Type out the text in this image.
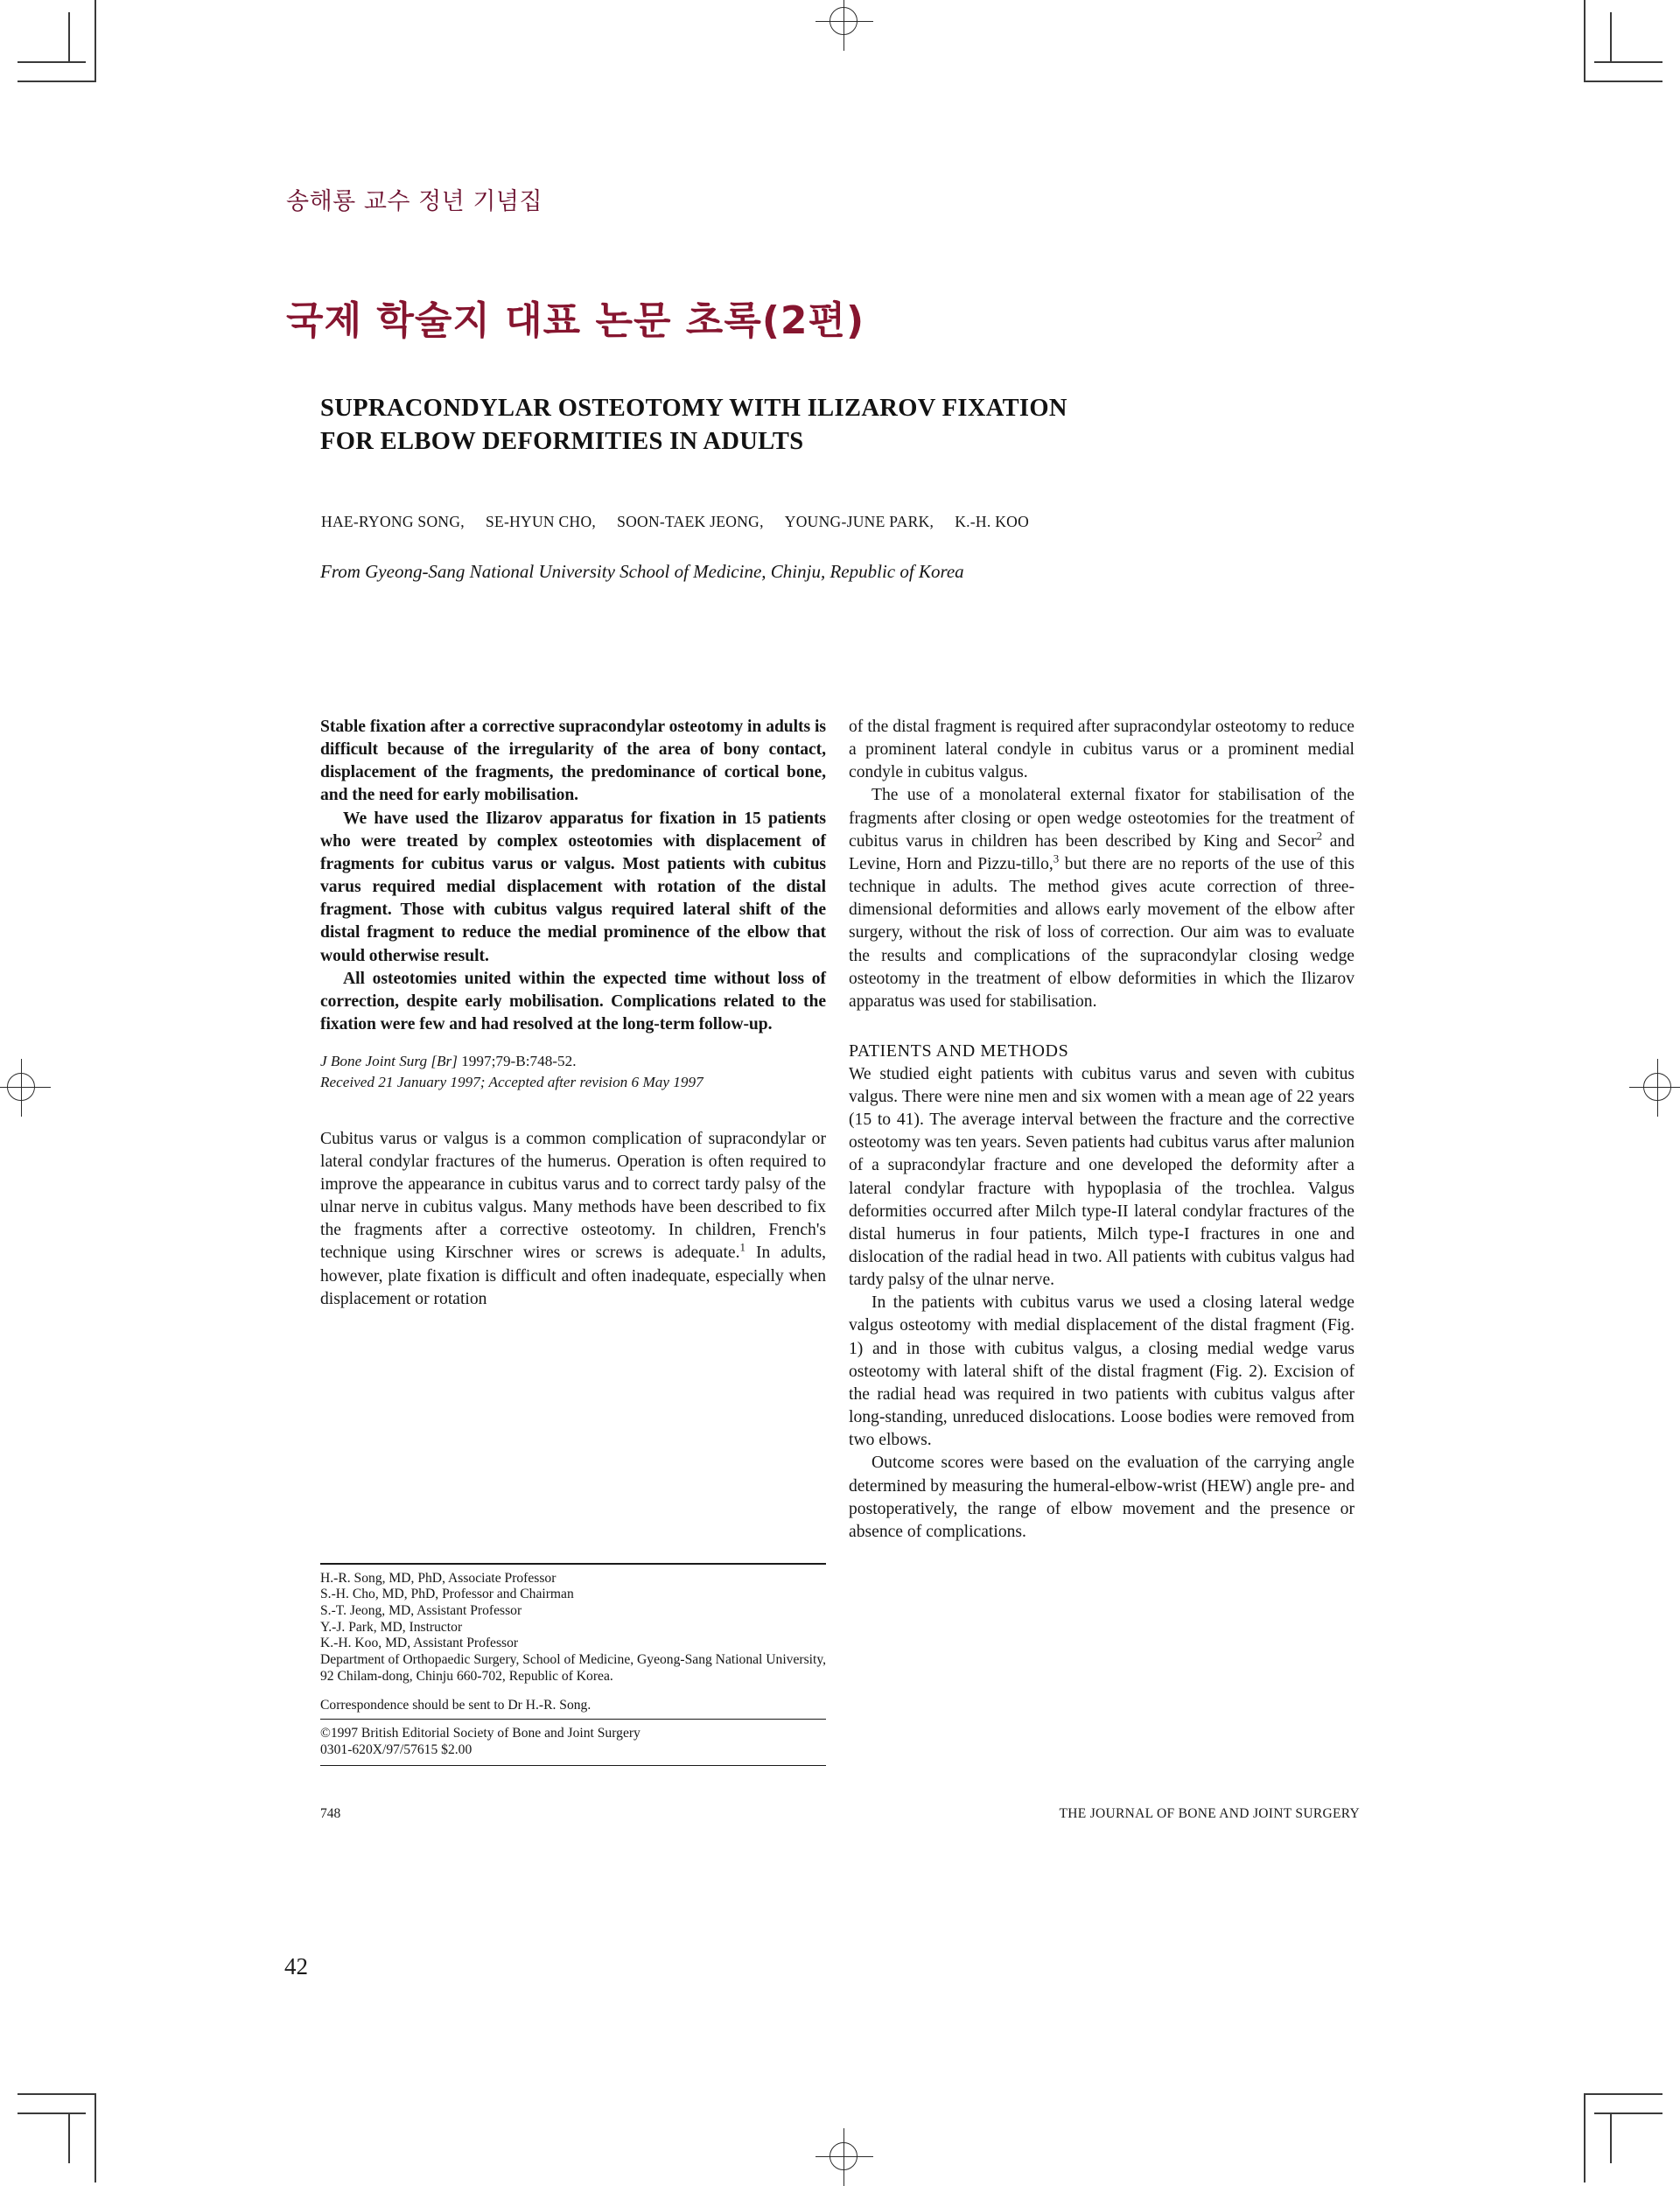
송해룡 교수 정년 기념집
국제 학술지 대표 논문 초록(2편)
SUPRACONDYLAR OSTEOTOMY WITH ILIZAROV FIXATION
FOR ELBOW DEFORMITIES IN ADULTS
HAE-RYONG SONG, SE-HYUN CHO, SOON-TAEK JEONG, YOUNG-JUNE PARK, K.-H. KOO
From Gyeong-Sang National University School of Medicine, Chinju, Republic of Korea

Stable fixation after a corrective supracondylar osteotomy in adults is difficult because of the irregularity of the area of bony contact, displacement of the fragments, the predominance of cortical bone, and the need for early mobilisation.

We have used the Ilizarov apparatus for fixation in 15 patients who were treated by complex osteotomies with displacement of fragments for cubitus varus or valgus. Most patients with cubitus varus required medial displacement with rotation of the distal fragment. Those with cubitus valgus required lateral shift of the distal fragment to reduce the medial prominence of the elbow that would otherwise result.

All osteotomies united within the expected time without loss of correction, despite early mobilisation. Complications related to the fixation were few and had resolved at the long-term follow-up.

J Bone Joint Surg [Br] 1997;79-B:748-52.
Received 21 January 1997; Accepted after revision 6 May 1997

Cubitus varus or valgus is a common complication of supracondylar or lateral condylar fractures of the humerus. Operation is often required to improve the appearance in cubitus varus and to correct tardy palsy of the ulnar nerve in cubitus valgus. Many methods have been described to fix the fragments after a corrective osteotomy. In children, French's technique using Kirschner wires or screws is adequate.$^1$ In adults, however, plate fixation is difficult and often inadequate, especially when displacement or rotation

of the distal fragment is required after supracondylar osteotomy to reduce a prominent lateral condyle in cubitus varus or a prominent medial condyle in cubitus valgus.

The use of a monolateral external fixator for stabilisation of the fragments after closing or open wedge osteotomies for the treatment of cubitus varus in children has been described by King and Secor$^2$ and Levine, Horn and Pizzu-tillo,$^3$ but there are no reports of the use of this technique in adults. The method gives acute correction of three-dimensional deformities and allows early movement of the elbow after surgery, without the risk of loss of correction. Our aim was to evaluate the results and complications of the supracondylar closing wedge osteotomy in the treatment of elbow deformities in which the Ilizarov apparatus was used for stabilisation.

PATIENTS AND METHODS

We studied eight patients with cubitus varus and seven with cubitus valgus. There were nine men and six women with a mean age of 22 years (15 to 41). The average interval between the fracture and the corrective osteotomy was ten years. Seven patients had cubitus varus after malunion of a supracondylar fracture and one developed the deformity after a lateral condylar fracture with hypoplasia of the trochlea. Valgus deformities occurred after Milch type-II lateral condylar fractures of the distal humerus in four patients, Milch type-I fractures in one and dislocation of the radial head in two. All patients with cubitus valgus had tardy palsy of the ulnar nerve.

In the patients with cubitus varus we used a closing lateral wedge valgus osteotomy with medial displacement of the distal fragment (Fig. 1) and in those with cubitus valgus, a closing medial wedge varus osteotomy with lateral shift of the distal fragment (Fig. 2). Excision of the radial head was required in two patients with cubitus valgus after long-standing, unreduced dislocations. Loose bodies were removed from two elbows.

Outcome scores were based on the evaluation of the carrying angle determined by measuring the humeral-elbow-wrist (HEW) angle pre- and postoperatively, the range of elbow movement and the presence or absence of complications.

H.-R. Song, MD, PhD, Associate Professor
S.-H. Cho, MD, PhD, Professor and Chairman
S.-T. Jeong, MD, Assistant Professor
Y.-J. Park, MD, Instructor
K.-H. Koo, MD, Assistant Professor
Department of Orthopaedic Surgery, School of Medicine, Gyeong-Sang National University, 92 Chilam-dong, Chinju 660-702, Republic of Korea.
Correspondence should be sent to Dr H.-R. Song.
©1997 British Editorial Society of Bone and Joint Surgery
0301-620X/97/57615 $2.00
748	THE JOURNAL OF BONE AND JOINT SURGERY
42
